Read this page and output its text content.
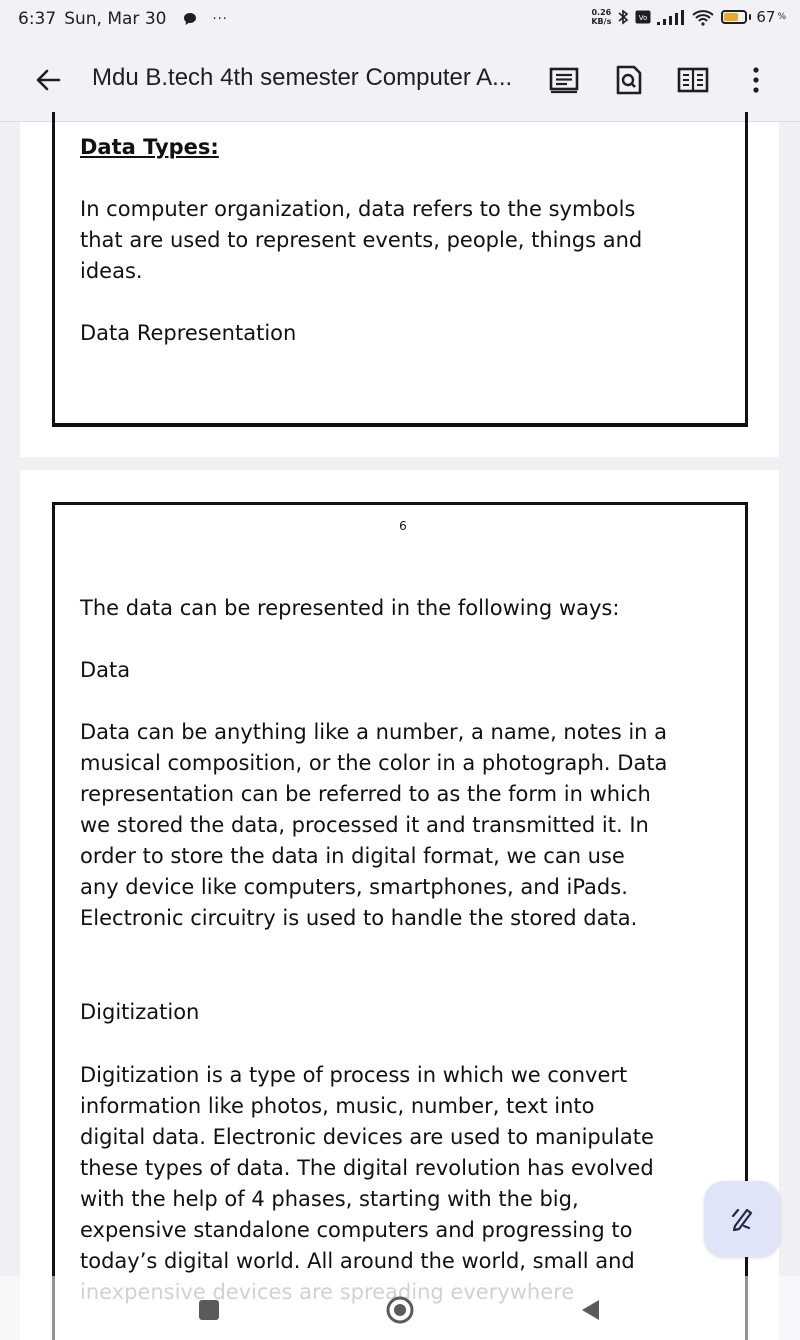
6:37 Sun, Mar 30	···	0.26
KB/s	Vo	67 %
Mdu B.tech 4th semester Computer A...
Data Types:
In computer organization, data refers to the symbols that are used to represent events, people, things and ideas.
Data Representation
6
The data can be represented in the following ways:
Data
Data can be anything like a number, a name, notes in a musical composition, or the color in a photograph. Data representation can be referred to as the form in which we stored the data, processed it and transmitted it. In order to store the data in digital format, we can use any device like computers, smartphones, and iPads. Electronic circuitry is used to handle the stored data.
Digitization
Digitization is a type of process in which we convert information like photos, music, number, text into digital data. Electronic devices are used to manipulate these types of data. The digital revolution has evolved with the help of 4 phases, starting with the big, expensive standalone computers and progressing to today’s digital world. All around the world, small and
